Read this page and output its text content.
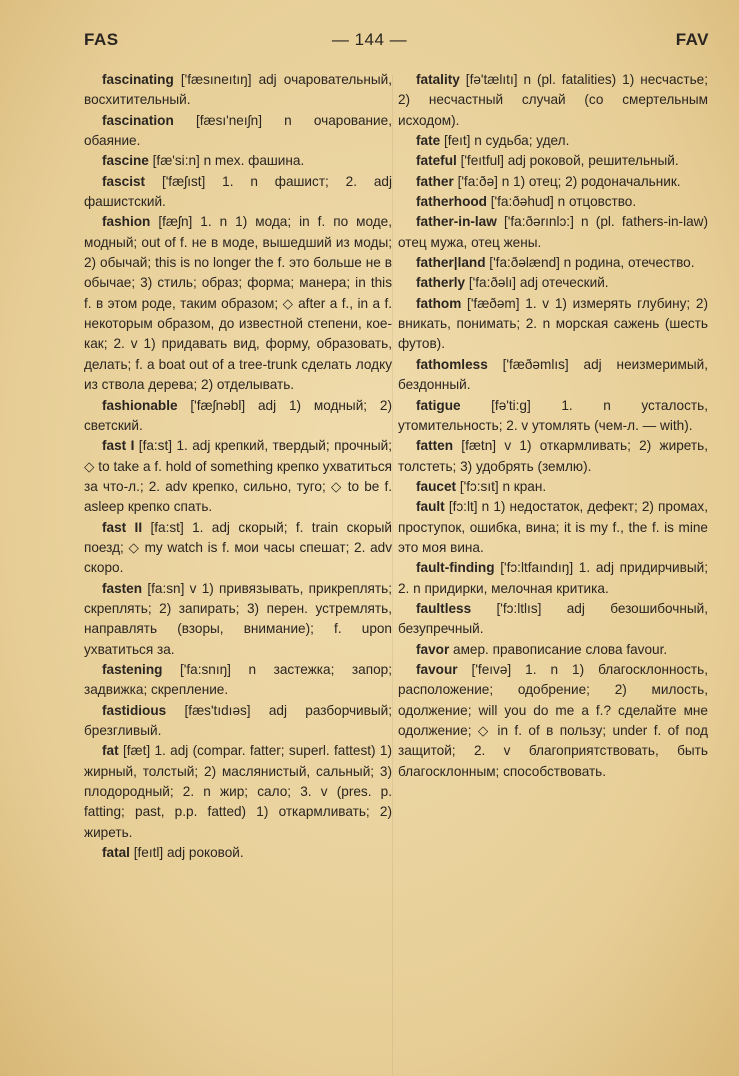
FAS	— 144 —	FAV

fascinating ['fæsıneıtıŋ] adj очаровательный, восхитительный.

fascination [fæsı'neıʃn] n очарование, обаяние.

fascine [fæ'si:n] n mex. фашина.

fascist ['fæʃıst] 1. n фашист; 2. adj фашистский.

fashion [fæʃn] 1. n 1) мода; in f. по моде, модный; out of f. не в моде, вышедший из моды; 2) обычай; this is no longer the f. это больше не в обычае; 3) стиль; образ; форма; манера; in this f. в этом роде, таким образом; ◇ after a f., in a f. некоторым образом, до известной степени, кое-как; 2. v 1) придавать вид, форму, образовать, делать; f. a boat out of a tree-trunk сделать лодку из ствола дерева; 2) отделывать.

fashionable ['fæʃnəbl] adj 1) модный; 2) светский.

fast I [fa:st] 1. adj крепкий, твердый; прочный; ◇ to take a f. hold of something крепко ухватиться за что-л.; 2. adv крепко, сильно, туго; ◇ to be f. asleep крепко спать.

fast II [fa:st] 1. adj скорый; f. train скорый поезд; ◇ my watch is f. мои часы спешат; 2. adv скоро.

fasten [fa:sn] v 1) привязывать, прикреплять; скреплять; 2) запирать; 3) перен. устремлять, направлять (взоры, внимание); f. upon ухватиться за.

fastening ['fa:snıŋ] n застежка; запор; задвижка; скрепление.

fastidious [fæs'tıdıəs] adj разборчивый; брезгливый.

fat [fæt] 1. adj (compar. fatter; superl. fattest) 1) жирный, толстый; 2) маслянистый, сальный; 3) плодородный; 2. n жир; сало; 3. v (pres. p. fatting; past, p.p. fatted) 1) откармливать; 2) жиреть.

fatal [feıtl] adj роковой.

fatality [fə'tælıtı] n (pl. fatalities) 1) несчастье; 2) несчастный случай (со смертельным исходом).

fate [feıt] n судьба; удел.

fateful ['feıtful] adj роковой, решительный.

father ['fa:ðə] n 1) отец; 2) родоначальник.

fatherhood ['fa:ðəhud] n отцовство.

father-in-law ['fa:ðərınlɔ:] n (pl. fathers-in-law) отец мужа, отец жены.

father|land ['fa:ðəlænd] n родина, отечество.

fatherly ['fa:ðəlı] adj отеческий.

fathom ['fæðəm] 1. v 1) измерять глубину; 2) вникать, понимать; 2. n морская сажень (шесть футов).

fathomless ['fæðəmlıs] adj неизмеримый, бездонный.

fatigue [fə'ti:g] 1. n усталость, утомительность; 2. v утомлять (чем-л. — with).

fatten [fætn] v 1) откармливать; 2) жиреть, толстеть; 3) удобрять (землю).

faucet ['fɔ:sıt] n кран.

fault [fɔ:lt] n 1) недостаток, дефект; 2) промах, проступок, ошибка, вина; it is my f., the f. is mine это моя вина.

fault-finding ['fɔ:ltfaındıŋ] 1. adj придирчивый; 2. n придирки, мелочная критика.

faultless ['fɔ:ltlıs] adj безошибочный, безупречный.

favor амер. правописание слова favour.

favour ['feıvə] 1. n 1) благосклонность, расположение; одобрение; 2) милость, одолжение; will you do me a f.? сделайте мне одолжение; ◇ in f. of в пользу; under f. of под защитой; 2. v благоприятствовать, быть благосклонным; способствовать.
